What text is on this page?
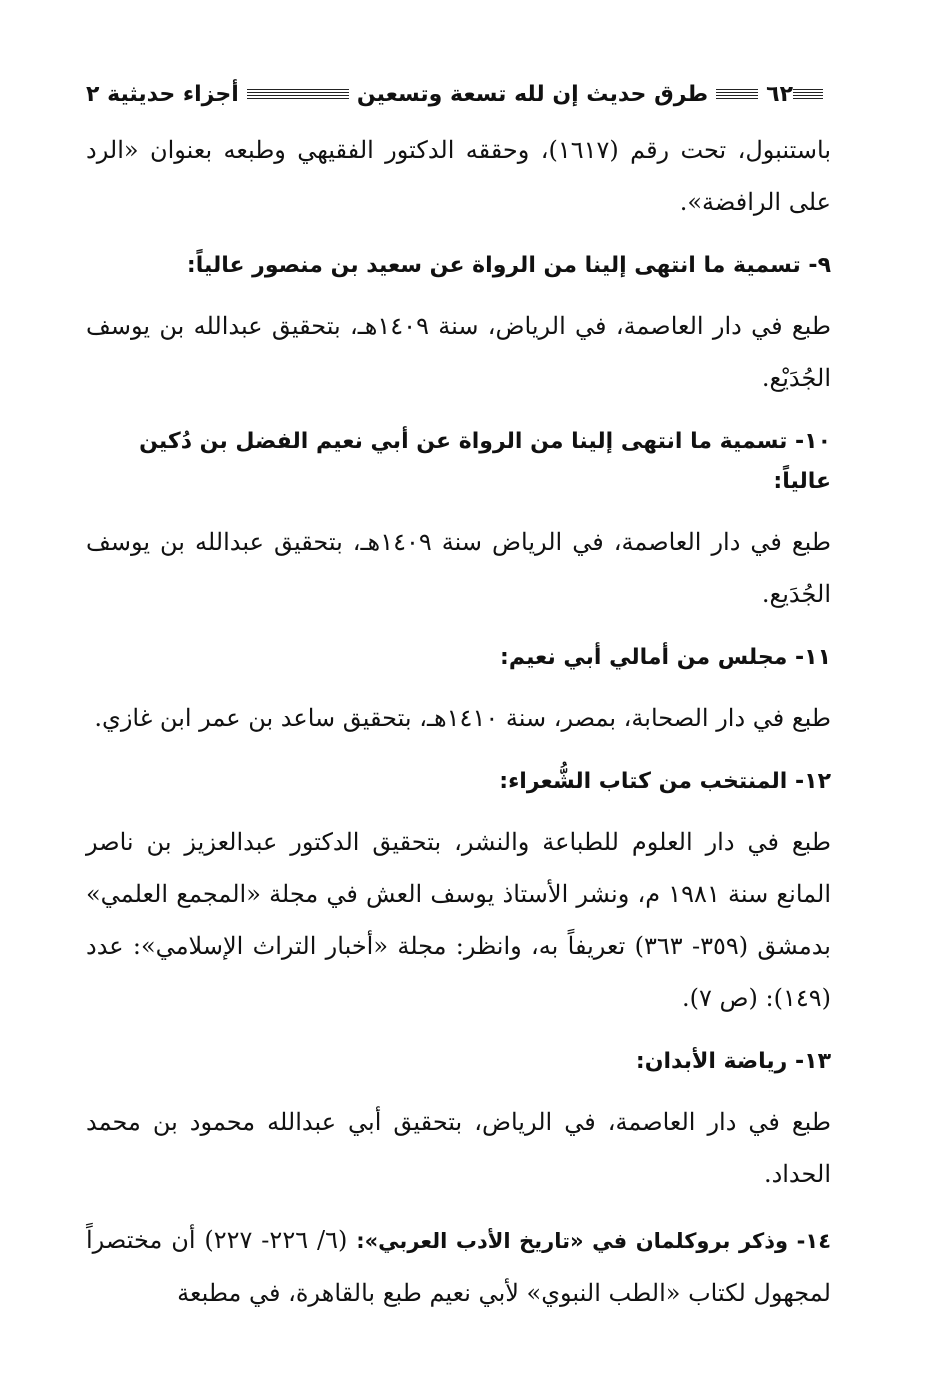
٦٢
طرق حديث إن لله تسعة وتسعين
أجزاء حديثية ٢

باستنبول، تحت رقم (١٦١٧)، وحققه الدكتور الفقيهي وطبعه بعنوان «الرد على الرافضة».

٩- تسمية ما انتهى إلينا من الرواة عن سعيد بن منصور عالياً:

طبع في دار العاصمة، في الرياض، سنة ١٤٠٩هـ، بتحقيق عبدالله بن يوسف الجُدَيْع.

١٠- تسمية ما انتهى إلينا من الرواة عن أبي نعيم الفضل بن دُكين عالياً:

طبع في دار العاصمة، في الرياض سنة ١٤٠٩هـ، بتحقيق عبدالله بن يوسف الجُدَيع.

١١- مجلس من أمالي أبي نعيم:

طبع في دار الصحابة، بمصر، سنة ١٤١٠هـ، بتحقيق ساعد بن عمر ابن غازي.

١٢- المنتخب من كتاب الشُّعراء:

طبع في دار العلوم للطباعة والنشر، بتحقيق الدكتور عبدالعزيز بن ناصر المانع سنة ١٩٨١ م، ونشر الأستاذ يوسف العش في مجلة «المجمع العلمي» بدمشق (٣٥٩- ٣٦٣) تعريفاً به، وانظر: مجلة «أخبار التراث الإسلامي»: عدد (١٤٩): (ص ٧).

١٣- رياضة الأبدان:

طبع في دار العاصمة، في الرياض، بتحقيق أبي عبدالله محمود بن محمد الحداد.

١٤- وذكر بروكلمان في «تاريخ الأدب العربي»: (٦/ ٢٢٦- ٢٢٧) أن مختصراً لمجهول لكتاب «الطب النبوي» لأبي نعيم طبع بالقاهرة، في مطبعة
